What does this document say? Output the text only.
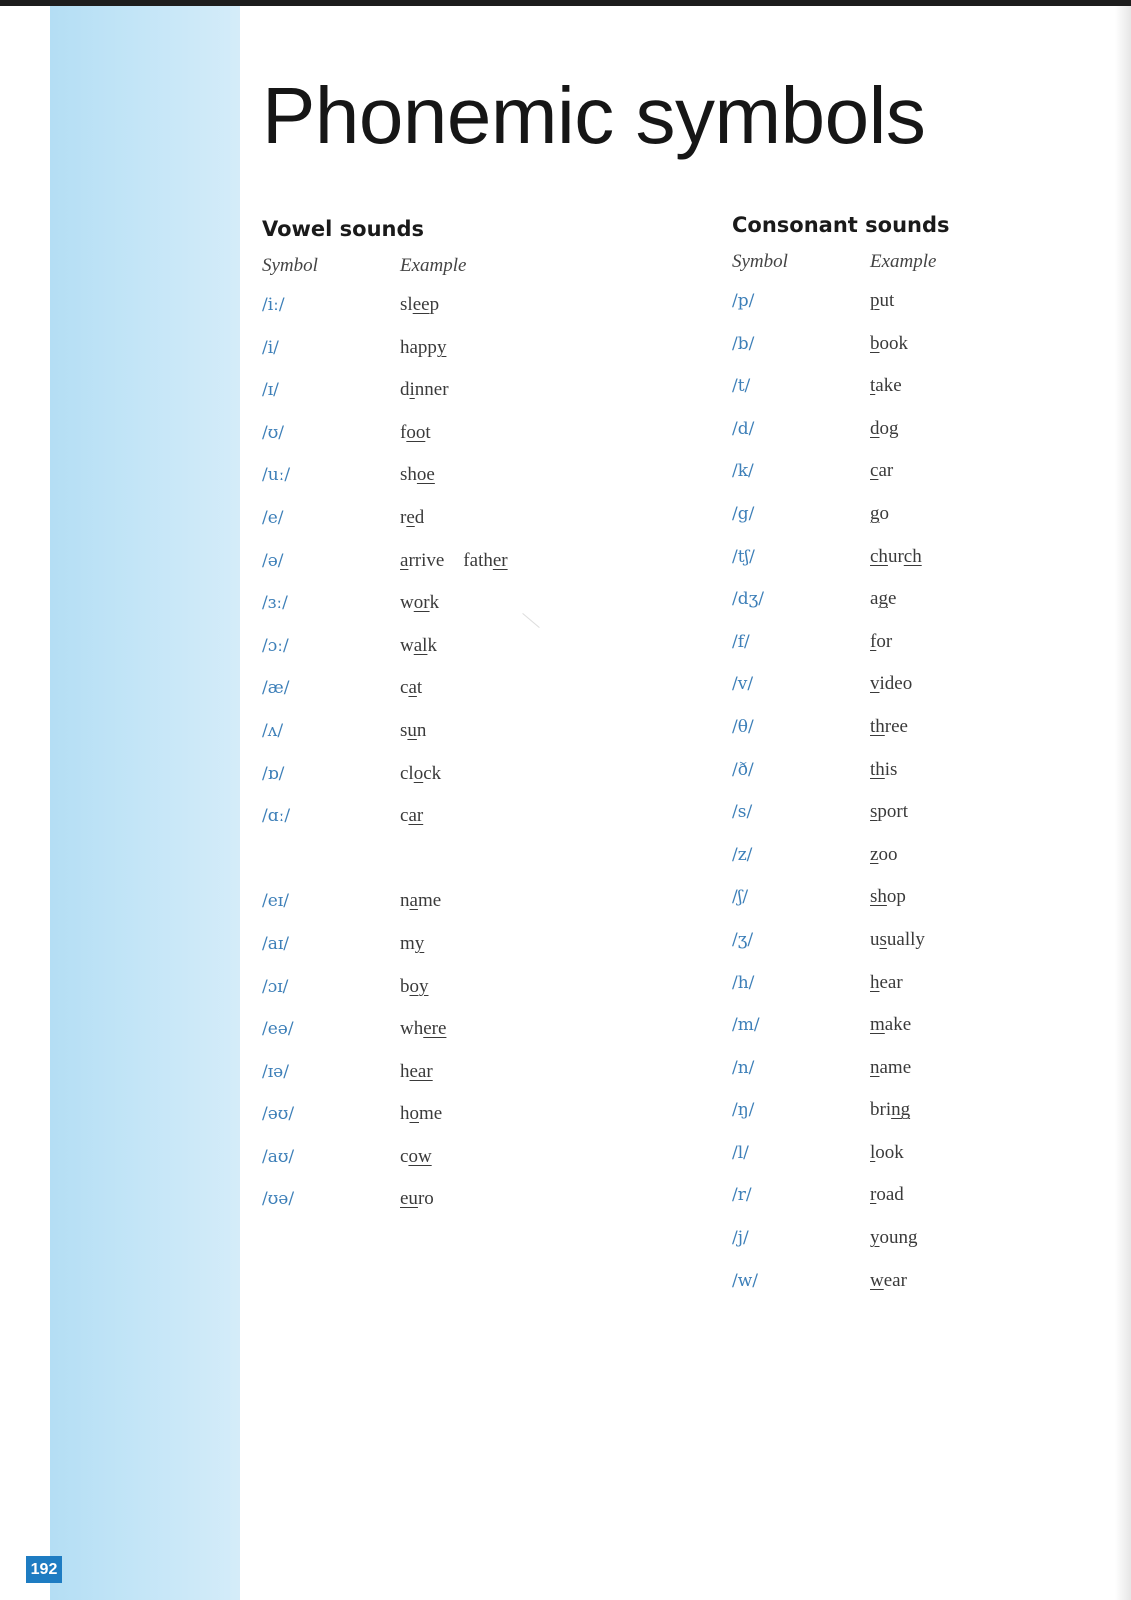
Phonemic symbols
Vowel sounds
Symbol	Example
/iː/	sleep
/i/	happy
/ɪ/	dinner
/ʊ/	foot
/uː/	shoe
/e/	red
/ə/	arrive    father
/ɜː/	work
/ɔː/	walk
/æ/	cat
/ʌ/	sun
/ɒ/	clock
/ɑː/	car
/eɪ/	name
/aɪ/	my
/ɔɪ/	boy
/eə/	where
/ɪə/	hear
/əʊ/	home
/aʊ/	cow
/ʊə/	euro
Consonant sounds
Symbol	Example
/p/	put
/b/	book
/t/	take
/d/	dog
/k/	car
/g/	go
/tʃ/	church
/dʒ/	age
/f/	for
/v/	video
/θ/	three
/ð/	this
/s/	sport
/z/	zoo
/ʃ/	shop
/ʒ/	usually
/h/	hear
/m/	make
/n/	name
/ŋ/	bring
/l/	look
/r/	road
/j/	young
/w/	wear
192
